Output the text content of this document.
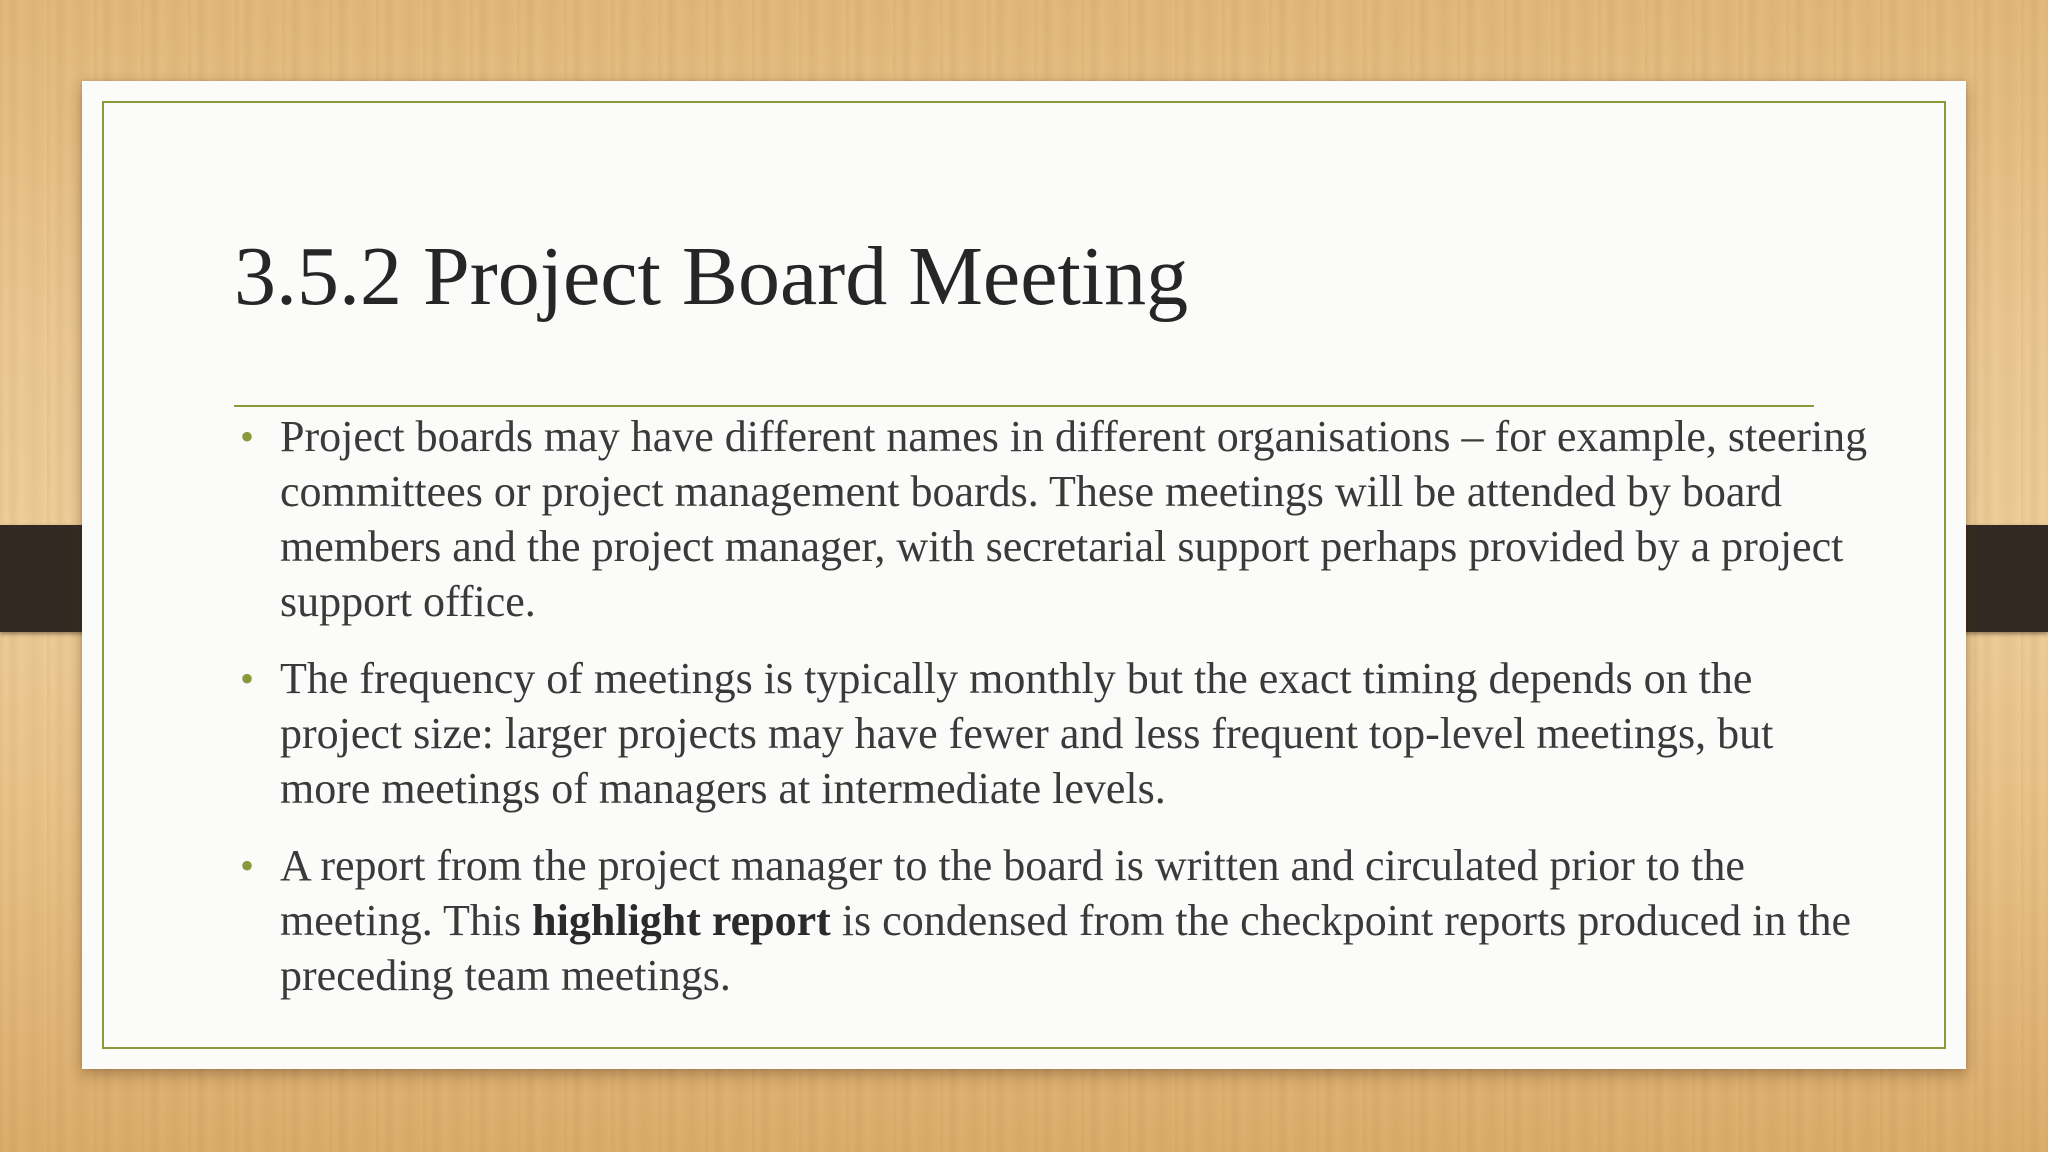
3.5.2 Project Board Meeting
• Project boards may have different names in different organisations – for example, steering committees or project management boards. These meetings will be attended by board members and the project manager, with secretarial support perhaps provided by a project support office.
• The frequency of meetings is typically monthly but the exact timing depends on the project size: larger projects may have fewer and less frequent top-level meetings, but more meetings of managers at intermediate levels.
• A report from the project manager to the board is written and circulated prior to the meeting. This highlight report is condensed from the checkpoint reports produced in the preceding team meetings.
